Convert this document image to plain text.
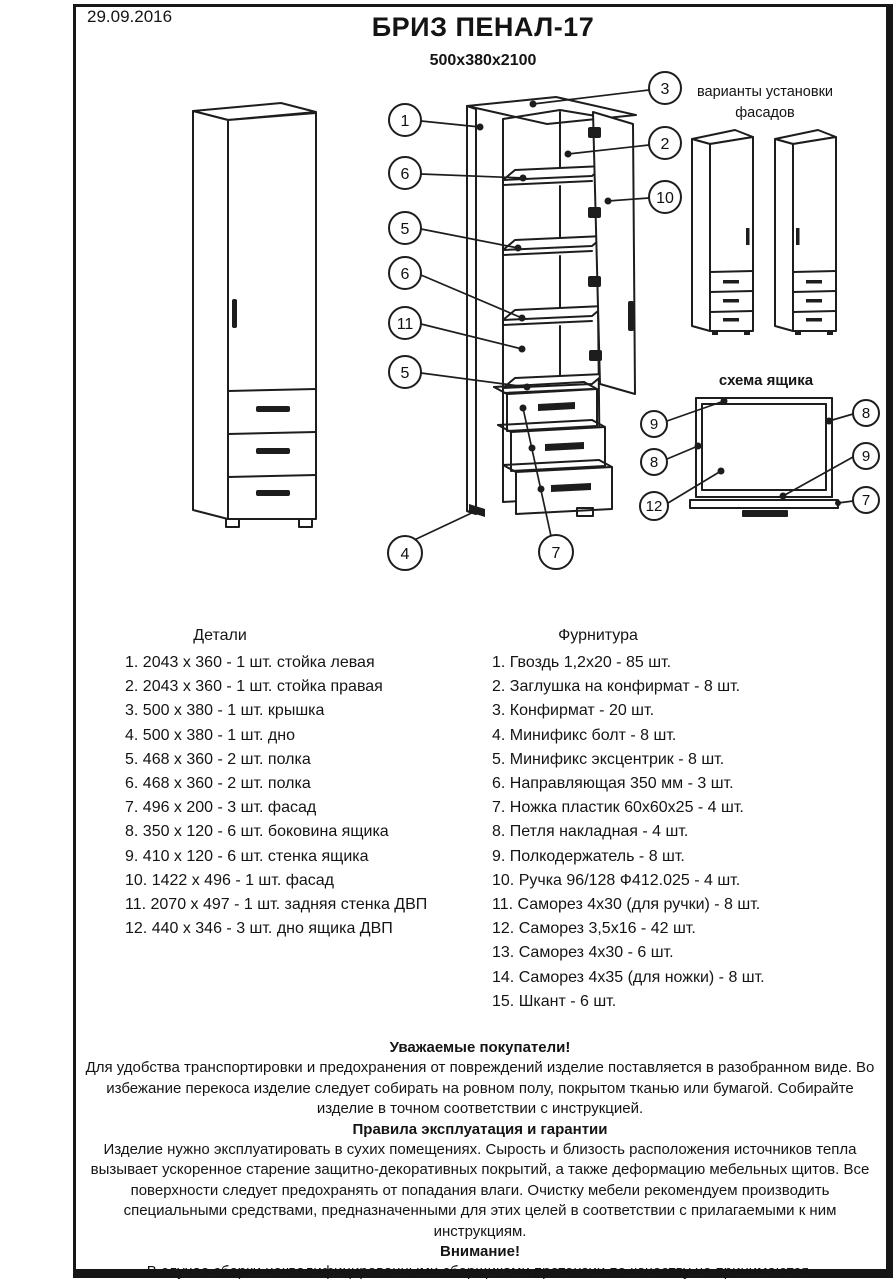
1
6
5
6
11
5
4
3
2
10
7
9
8
12
8
9
7
29.09.2016	БРИЗ ПЕНАЛ-17
500х380х2100
варианты установки фасадов
схема ящика
Детали
1. 2043 х 360 - 1 шт. стойка левая
2. 2043 х 360 - 1 шт. стойка правая
3. 500 х 380 - 1 шт. крышка
4. 500 х 380 - 1 шт. дно
5. 468 х 360 - 2 шт. полка
6. 468 х 360 - 2 шт. полка
7. 496 х 200 - 3 шт. фасад
8. 350 х 120 - 6 шт. боковина ящика
9. 410 х 120 - 6 шт. стенка ящика
10. 1422 х 496 - 1 шт. фасад
11. 2070 х 497 - 1 шт. задняя стенка ДВП
12. 440 х 346 - 3 шт. дно ящика ДВП
Фурнитура
1. Гвоздь 1,2х20 - 85 шт.
2. Заглушка на конфирмат - 8 шт.
3. Конфирмат - 20 шт.
4. Минификс болт - 8 шт.
5. Минификс эксцентрик - 8 шт.
6. Направляющая 350 мм - 3 шт.
7. Ножка пластик 60х60х25 - 4 шт.
8. Петля накладная - 4 шт.
9. Полкодержатель - 8 шт.
10. Ручка 96/128 Ф412.025 - 4 шт.
11. Саморез 4х30 (для ручки) - 8 шт.
12. Саморез 3,5х16 - 42 шт.
13. Саморез 4х30 - 6 шт.
14. Саморез 4х35 (для ножки) - 8 шт.
15. Шкант - 6 шт.

Уважаемые покупатели!

Для удобства транспортировки и предохранения от повреждений изделие поставляется в разобранном виде. Во избежание перекоса изделие следует собирать на ровном полу, покрытом тканью или бумагой. Собирайте изделие в точном соответствии с инструкцией.

Правила эксплуатация и гарантии

Изделие нужно эксплуатировать в сухих помещениях. Сырость и близость расположения источников тепла вызывает ускоренное старение защитно-декоративных покрытий, а также деформацию мебельных щитов. Все поверхности следует предохранять от попадания влаги. Очистку мебели рекомендуем производить специальными средствами, предназначенными для этих целей в соответствии с прилагаемыми к ним инструкциям.

Внимание!

В случае сборки неквалифицированными сборщиками претензии по качеству не принимаются.
